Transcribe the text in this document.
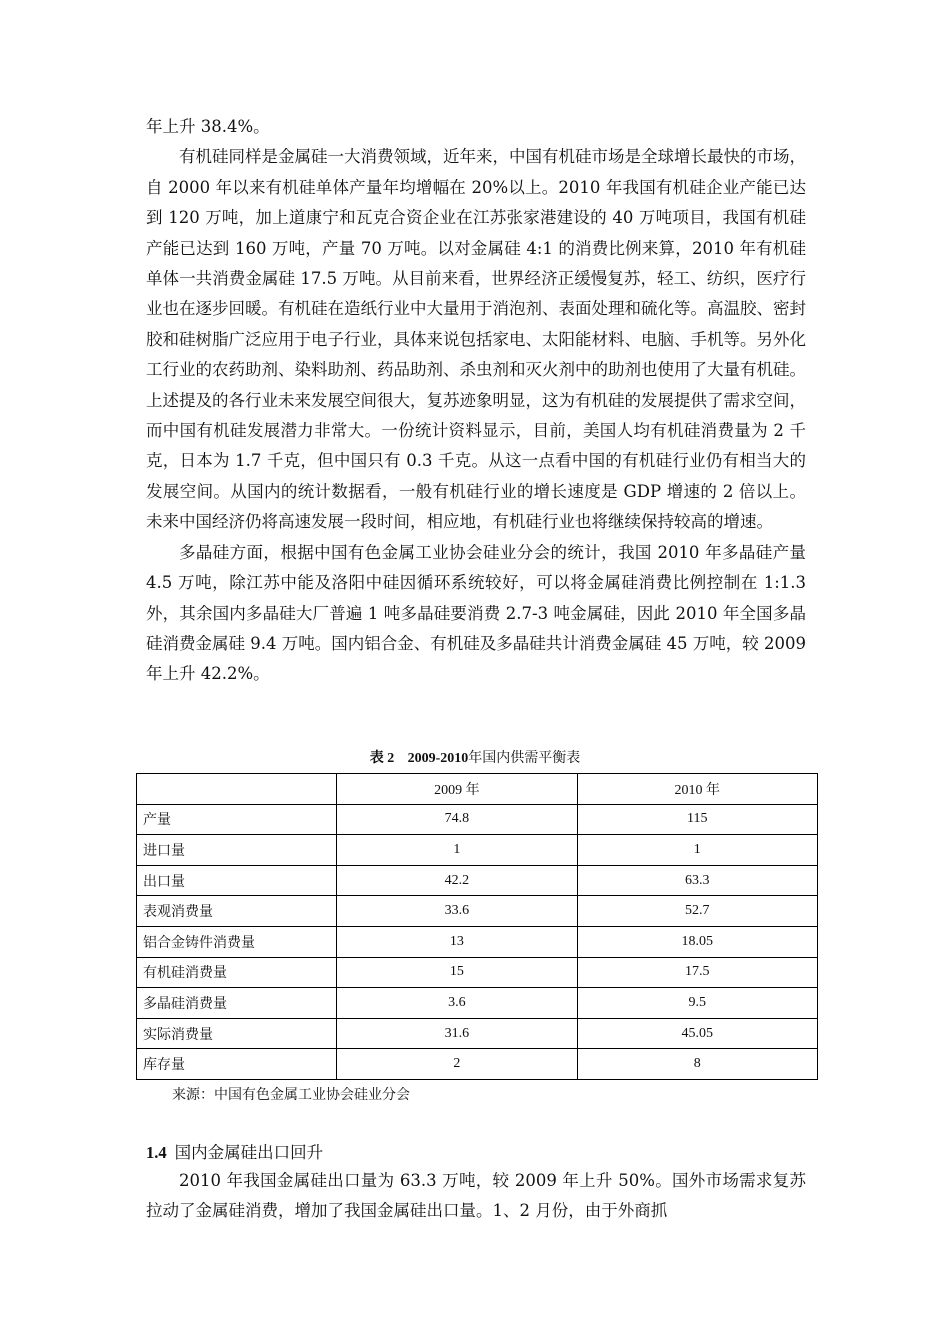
年上升 38.4%。

有机硅同样是金属硅一大消费领域，近年来，中国有机硅市场是全球增长最快的市场，自 2000 年以来有机硅单体产量年均增幅在 20%以上。2010 年我国有机硅企业产能已达到 120 万吨，加上道康宁和瓦克合资企业在江苏张家港建设的 40 万吨项目，我国有机硅产能已达到 160 万吨，产量 70 万吨。以对金属硅 4:1 的消费比例来算，2010 年有机硅单体一共消费金属硅 17.5 万吨。从目前来看，世界经济正缓慢复苏，轻工、纺织，医疗行业也在逐步回暖。有机硅在造纸行业中大量用于消泡剂、表面处理和硫化等。高温胶、密封胶和硅树脂广泛应用于电子行业，具体来说包括家电、太阳能材料、电脑、手机等。另外化工行业的农药助剂、染料助剂、药品助剂、杀虫剂和灭火剂中的助剂也使用了大量有机硅。上述提及的各行业未来发展空间很大，复苏迹象明显，这为有机硅的发展提供了需求空间，而中国有机硅发展潜力非常大。一份统计资料显示，目前，美国人均有机硅消费量为 2 千克，日本为 1.7 千克，但中国只有 0.3 千克。从这一点看中国的有机硅行业仍有相当大的发展空间。从国内的统计数据看，一般有机硅行业的增长速度是 GDP 增速的 2 倍以上。未来中国经济仍将高速发展一段时间，相应地，有机硅行业也将继续保持较高的增速。

多晶硅方面，根据中国有色金属工业协会硅业分会的统计，我国 2010 年多晶硅产量 4.5 万吨，除江苏中能及洛阳中硅因循环系统较好，可以将金属硅消费比例控制在 1:1.3 外，其余国内多晶硅大厂普遍 1 吨多晶硅要消费 2.7-3 吨金属硅，因此 2010 年全国多晶硅消费金属硅 9.4 万吨。国内铝合金、有机硅及多晶硅共计消费金属硅 45 万吨，较 2009 年上升 42.2%。

表 2 2009-2010年国内供需平衡表
	2009 年	2010 年
产量	74.8	115
进口量	1	1
出口量	42.2	63.3
表观消费量	33.6	52.7
铝合金铸件消费量	13	18.05
有机硅消费量	15	17.5
多晶硅消费量	3.6	9.5
实际消费量	31.6	45.05
库存量	2	8
来源：中国有色金属工业协会硅业分会
1.4 国内金属硅出口回升

2010 年我国金属硅出口量为 63.3 万吨，较 2009 年上升 50%。国外市场需求复苏拉动了金属硅消费，增加了我国金属硅出口量。1、2 月份，由于外商抓
